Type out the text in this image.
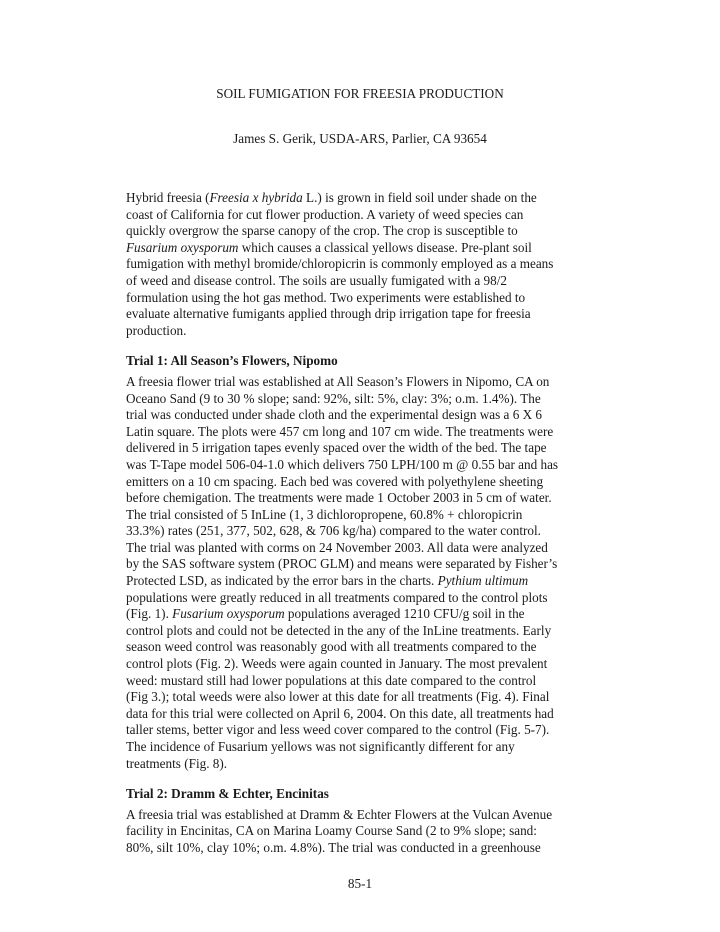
SOIL FUMIGATION FOR FREESIA PRODUCTION
James S. Gerik, USDA-ARS, Parlier, CA 93654
Hybrid freesia (Freesia x hybrida L.) is grown in field soil under shade on the
coast of California for cut flower production. A variety of weed species can
quickly overgrow the sparse canopy of the crop. The crop is susceptible to
Fusarium oxysporum which causes a classical yellows disease. Pre-plant soil
fumigation with methyl bromide/chloropicrin is commonly employed as a means
of weed and disease control. The soils are usually fumigated with a 98/2
formulation using the hot gas method. Two experiments were established to
evaluate alternative fumigants applied through drip irrigation tape for freesia
production.
Trial 1: All Season’s Flowers, Nipomo
A freesia flower trial was established at All Season’s Flowers in Nipomo, CA on
Oceano Sand (9 to 30 % slope; sand: 92%, silt: 5%, clay: 3%; o.m. 1.4%). The
trial was conducted under shade cloth and the experimental design was a 6 X 6
Latin square. The plots were 457 cm long and 107 cm wide. The treatments were
delivered in 5 irrigation tapes evenly spaced over the width of the bed. The tape
was T-Tape model 506-04-1.0 which delivers 750 LPH/100 m @ 0.55 bar and has
emitters on a 10 cm spacing. Each bed was covered with polyethylene sheeting
before chemigation. The treatments were made 1 October 2003 in 5 cm of water.
The trial consisted of 5 InLine (1, 3 dichloropropene, 60.8% + chloropicrin
33.3%) rates (251, 377, 502, 628, & 706 kg/ha) compared to the water control.
The trial was planted with corms on 24 November 2003. All data were analyzed
by the SAS software system (PROC GLM) and means were separated by Fisher’s
Protected LSD, as indicated by the error bars in the charts. Pythium ultimum
populations were greatly reduced in all treatments compared to the control plots
(Fig. 1). Fusarium oxysporum populations averaged 1210 CFU/g soil in the
control plots and could not be detected in the any of the InLine treatments. Early
season weed control was reasonably good with all treatments compared to the
control plots (Fig. 2). Weeds were again counted in January. The most prevalent
weed: mustard still had lower populations at this date compared to the control
(Fig 3.); total weeds were also lower at this date for all treatments (Fig. 4). Final
data for this trial were collected on April 6, 2004. On this date, all treatments had
taller stems, better vigor and less weed cover compared to the control (Fig. 5-7).
The incidence of Fusarium yellows was not significantly different for any
treatments (Fig. 8).
Trial 2: Dramm & Echter, Encinitas
A freesia trial was established at Dramm & Echter Flowers at the Vulcan Avenue
facility in Encinitas, CA on Marina Loamy Course Sand (2 to 9% slope; sand:
80%, silt 10%, clay 10%; o.m. 4.8%). The trial was conducted in a greenhouse
85-1
